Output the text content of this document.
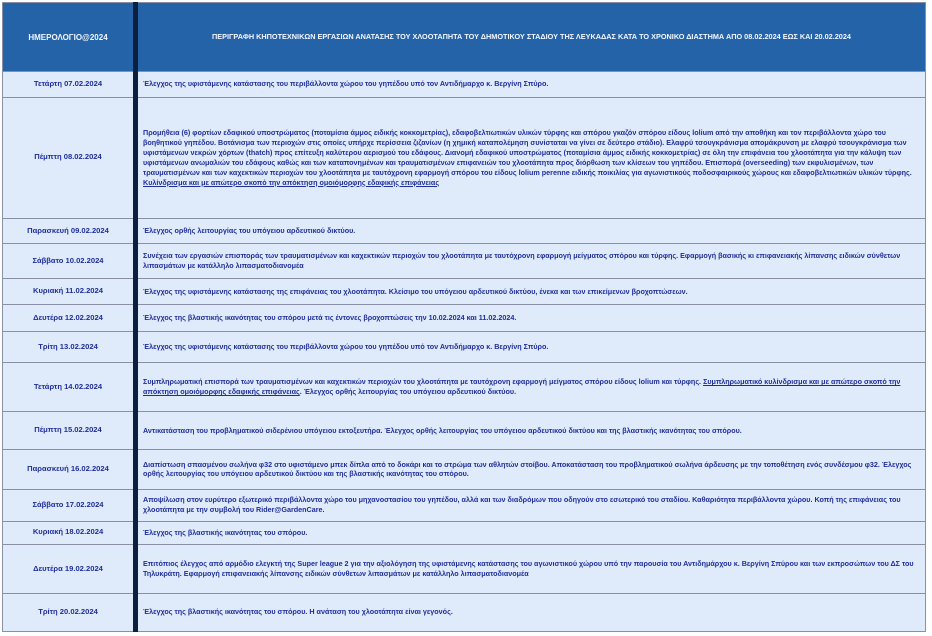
ΗΜΕΡΟΛΟΓΙΟ@2024	ΠΕΡΙΓΡΑΦΗ ΚΗΠΟΤΕΧΝΙΚΩΝ ΕΡΓΑΣΙΩΝ ΑΝΑΤΑΣΗΣ ΤΟΥ ΧΛΟΟΤΑΠΗΤΑ ΤΟΥ ΔΗΜΟΤΙΚΟΥ ΣΤΑΔΙΟΥ ΤΗΣ ΛΕΥΚΑΔΑΣ ΚΑΤΑ ΤΟ ΧΡΟΝΙΚΟ ΔΙΑΣΤΗΜΑ ΑΠΟ 08.02.2024 ΕΩΣ ΚΑΙ 20.02.2024
Τετάρτη 07.02.2024	Έλεγχος της υφιστάμενης κατάστασης του περιβάλλοντα χώρου του γηπέδου υπό τον Αντιδήμαρχο κ. Βεργίνη Σπύρο.
Πέμπτη 08.02.2024	Προμήθεια (6) φορτίων εδαφικού υποστρώματος (ποταμίσια άμμος ειδικής κοκκομετρίας), εδαφοβελτιωτικών υλικών τύρφης και σπόρου γκαζόν σπόρου είδους lolium από την αποθήκη και τον περιβάλλοντα χώρο του βοηθητικού γηπέδου. Βοτάνισμα των περιοχών στις οποίες υπήρχε περίσσεια ζιζανίων (η χημική καταπολέμηση συνίσταται να γίνει σε δεύτερο στάδιο). Ελαφρύ τσουγκράνισμα απομάκρυνση με ελαφρύ τσουγκράνισμα των υφιστάμενων νεκρών χόρτων (thatch) προς επίτευξη καλύτερου αερισμού του εδάφους. Διανομή εδαφικού υποστρώματος (ποταμίσια άμμος ειδικής κοκκομετρίας) σε όλη την επιφάνεια του χλοοτάπητα για την κάλυψη των υφιστάμενων ανωμαλιών του εδάφους καθώς και των καταπονημένων και τραυματισμένων επιφανειών του χλοοτάπητα προς διόρθωση των κλίσεων του γηπέδου. Επισπορά (overseeding) των εκφυλισμένων, των τραυματισμένων και των καχεκτικών περιοχών του χλοοτάπητα με ταυτόχρονη εφαρμογή σπόρου του είδους lolium perenne ειδικής ποικιλίας για αγωνιστικούς ποδοσφαιρικούς χώρους και εδαφοβελτιωτικών υλικών τύρφης. Κυλίνδρισμα και με απώτερο σκοπό την απόκτηση ομοιόμορφης εδαφικής επιφάνειας
Παρασκευή 09.02.2024	Έλεγχος ορθής λειτουργίας του υπόγειου αρδευτικού δικτύου.
Σάββατο 10.02.2024	Συνέχεια των εργασιών επισποράς των τραυματισμένων και καχεκτικών περιοχών του χλοοτάπητα με ταυτόχρονη εφαρμογή μείγματος σπόρου και τύρφης. Εφαρμογή βασικής κι επιφανειακής λίπανσης ειδικών σύνθετων λιπασμάτων με κατάλληλο λιπασματοδιανομέα
Κυριακή 11.02.2024	Έλεγχος της υφιστάμενης κατάστασης της επιφάνειας του χλοοτάπητα. Κλείσιμο του υπόγειου αρδευτικού δικτύου, ένεκα και των επικείμενων βροχοπτώσεων.
Δευτέρα 12.02.2024	Έλεγχος της βλαστικής ικανότητας του σπόρου μετά τις έντονες βροχοπτώσεις την 10.02.2024 και 11.02.2024.
Τρίτη 13.02.2024	Έλεγχος της υφιστάμενης κατάστασης του περιβάλλοντα χώρου του γηπέδου υπό τον Αντιδήμαρχο κ. Βεργίνη Σπύρο.
Τετάρτη 14.02.2024	Συμπληρωματική επισπορά των τραυματισμένων και καχεκτικών περιοχών του χλοοτάπητα με ταυτόχρονη εφαρμογή μείγματος σπόρου είδους lolium και τύρφης. Συμπληρωματικό κυλίνδρισμα και με απώτερο σκοπό την απόκτηση ομοιόμορφης εδαφικής επιφάνειας. Έλεγχος ορθής λειτουργίας του υπόγειου αρδευτικού δικτύου.
Πέμπτη 15.02.2024	Αντικατάσταση του προβληματικού σιδερένιου υπόγειου εκτοξευτήρα. Έλεγχος ορθής λειτουργίας του υπόγειου αρδευτικού δικτύου και της βλαστικής ικανότητας του σπόρου.
Παρασκευή 16.02.2024	Διαπίστωση σπασμένου σωλήνα φ32 στο υφιστάμενο μπεκ δίπλα από το δοκάρι και το στρώμα των αθλητών στοίβου. Αποκατάσταση του προβληματικού σωλήνα άρδευσης με την τοποθέτηση ενός συνδέσμου φ32. Έλεγχος ορθής λειτουργίας του υπόγειου αρδευτικού δικτύου και της βλαστικής ικανότητας του σπόρου.
Σάββατο 17.02.2024	Αποψίλωση στον ευρύτερο εξωτερικό περιβάλλοντα χώρο του μηχανοστασίου του γηπέδου, αλλά και των διαδρόμων που οδηγούν στο εσωτερικό του σταδίου. Καθαριότητα περιβάλλοντα χώρου. Κοπή της επιφάνειας του χλοοτάπητα με την συμβολή του Rider@GardenCare.
Κυριακή 18.02.2024	Έλεγχος της βλαστικής ικανότητας του σπόρου.
Δευτέρα 19.02.2024	Επιτόπιος έλεγχος από αρμόδιο ελεγκτή της Super league 2 για την αξιολόγηση της υφιστάμενης κατάστασης του αγωνιστικού χώρου υπό την παρουσία του Αντιδημάρχου κ. Βεργίνη Σπύρου και των εκπροσώπων του ΔΣ του Τηλυκράτη. Εφαρμογή επιφανειακής λίπανσης ειδικών σύνθετων λιπασμάτων με κατάλληλο λιπασματοδιανομέα
Τρίτη 20.02.2024	Έλεγχος της βλαστικής ικανότητας του σπόρου. Η ανάταση του χλοοτάπητα είναι γεγονός.
